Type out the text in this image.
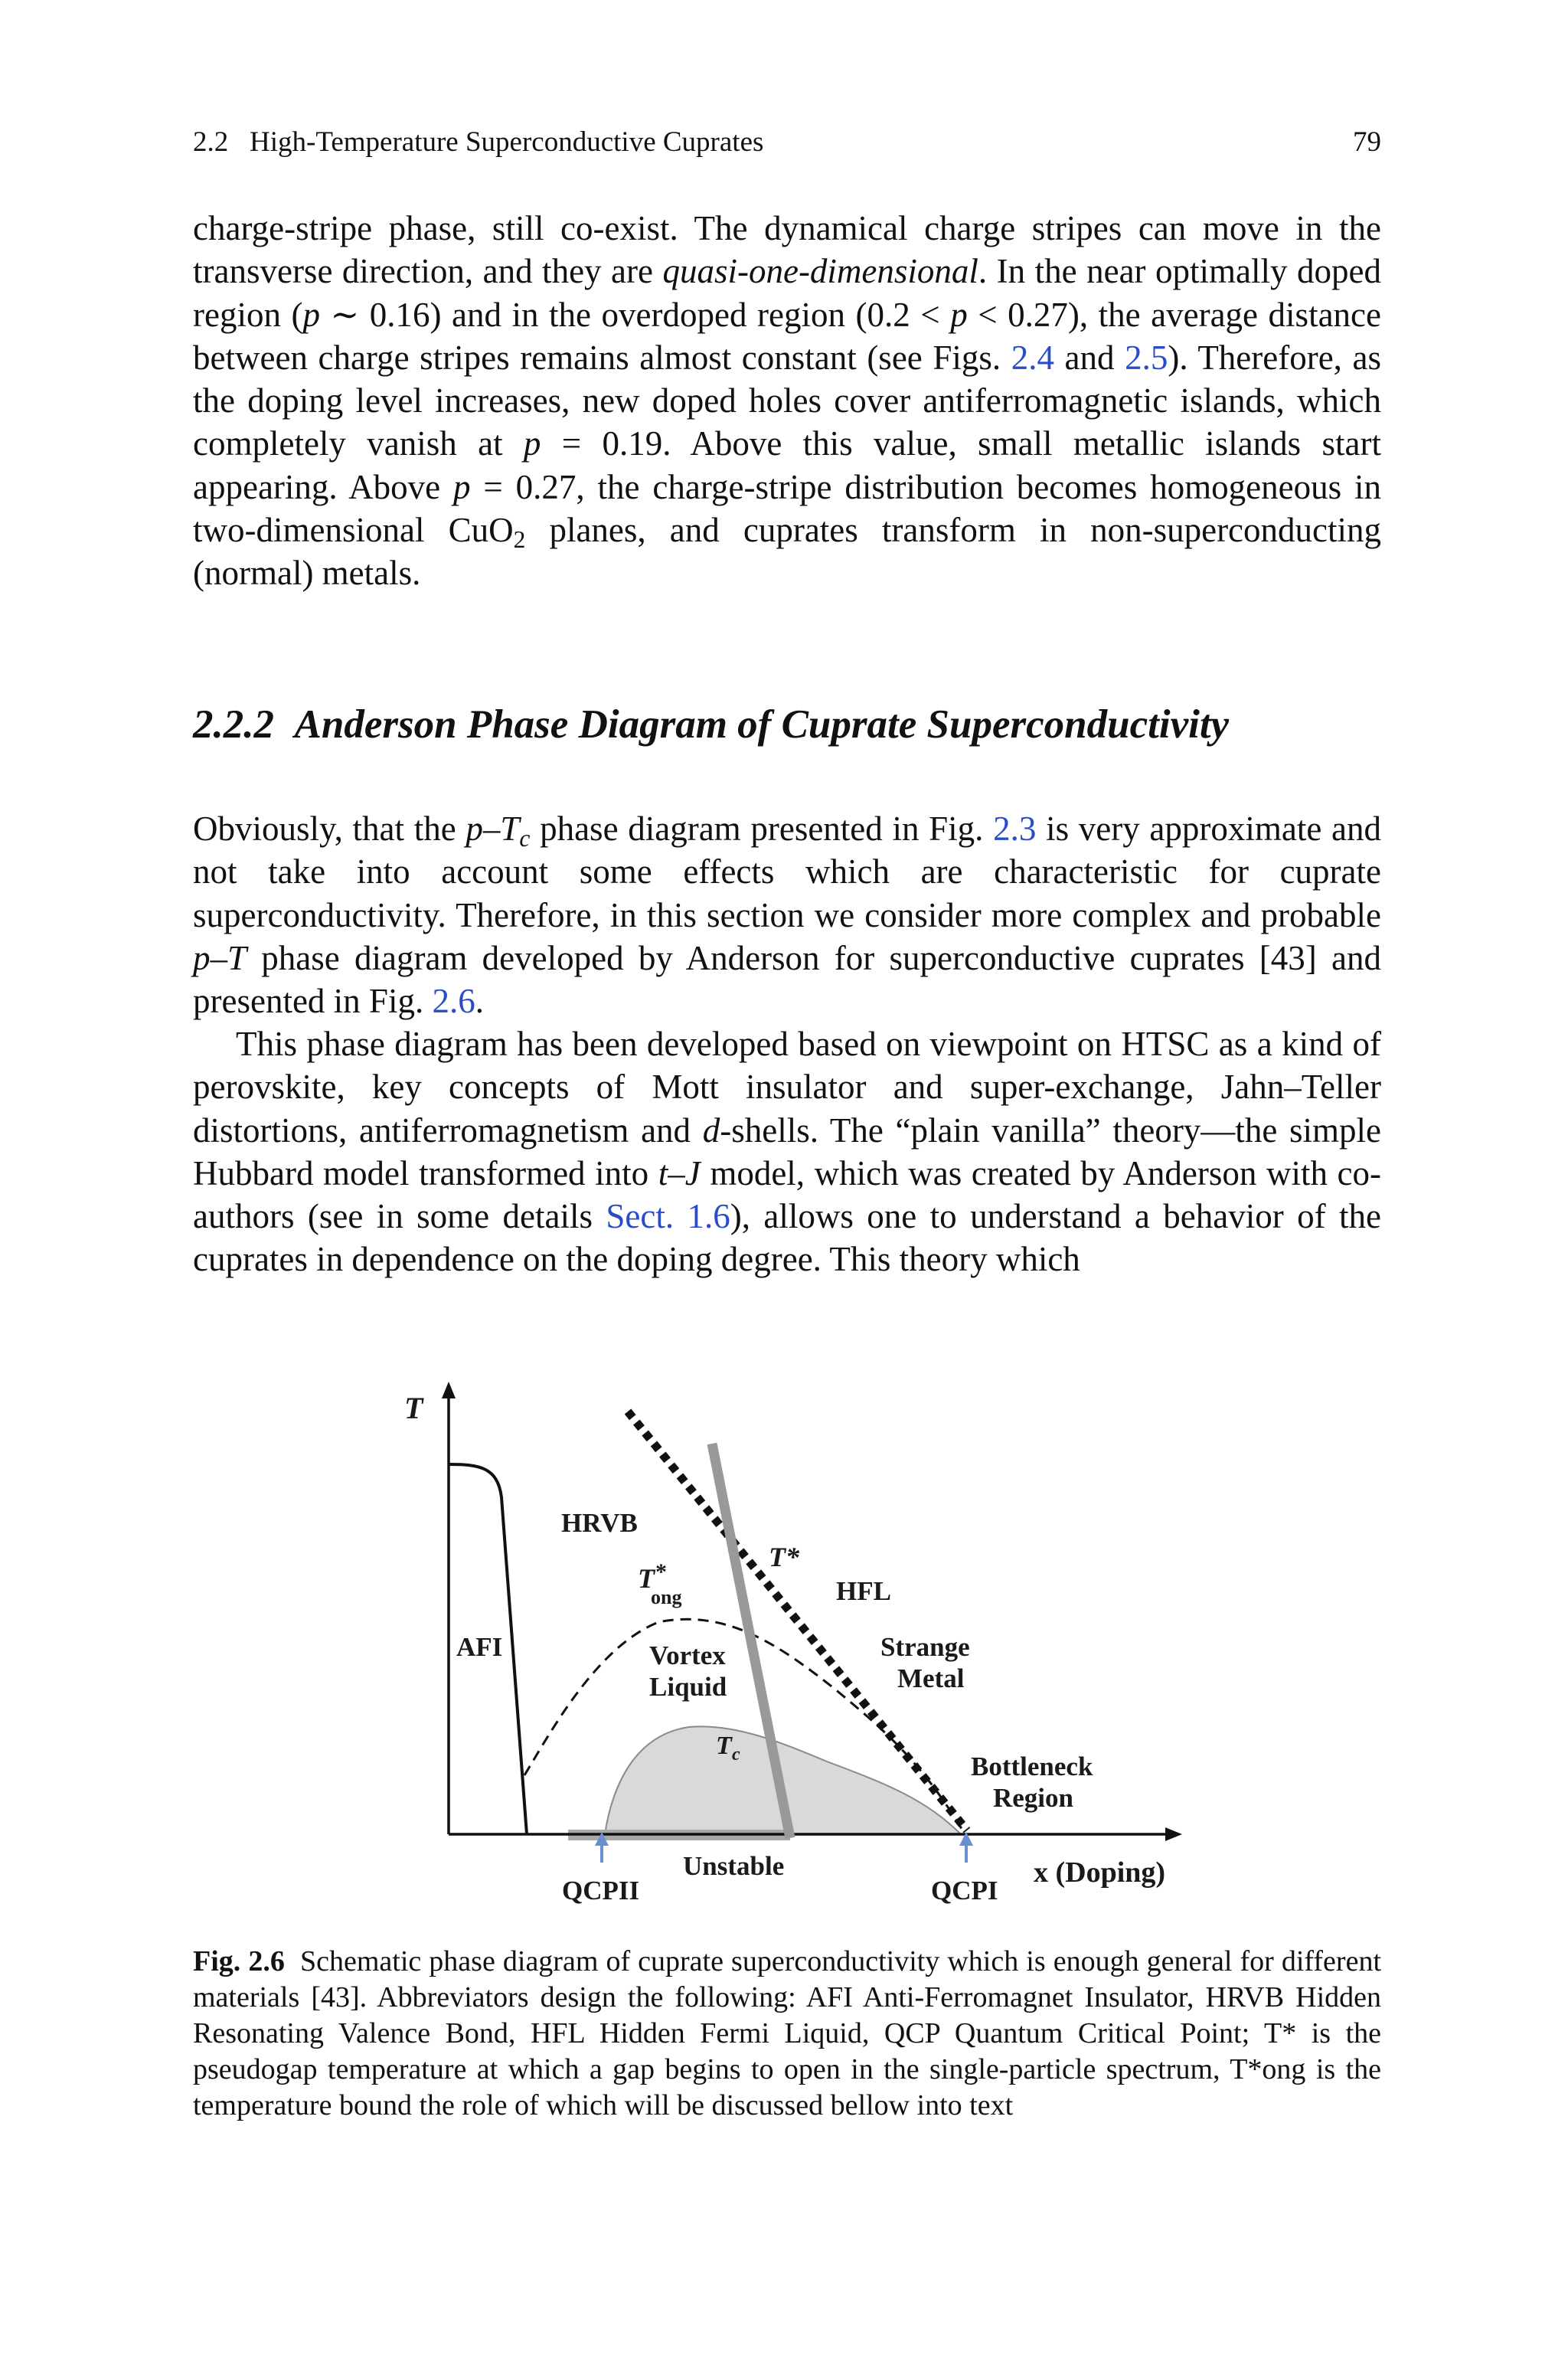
2.2 High-Temperature Superconductive Cuprates	79

charge-stripe phase, still co-exist. The dynamical charge stripes can move in the transverse direction, and they are quasi-one-dimensional. In the near optimally doped region (p ∼ 0.16) and in the overdoped region (0.2 < p < 0.27), the average distance between charge stripes remains almost constant (see Figs. 2.4 and 2.5). Therefore, as the doping level increases, new doped holes cover antiferromagnetic islands, which completely vanish at p = 0.19. Above this value, small metallic islands start appearing. Above p = 0.27, the charge-stripe distribution becomes homogeneous in two-dimensional CuO$_2$ planes, and cuprates transform in non-superconducting (normal) metals.

2.2.2 Anderson Phase Diagram of Cuprate Superconductivity

Obviously, that the $p-T_c$ phase diagram presented in Fig. 2.3 is very approximate and not take into account some effects which are characteristic for cuprate superconductivity. Therefore, in this section we consider more complex and probable p–T phase diagram developed by Anderson for superconductive cuprates [43] and presented in Fig. 2.6.

This phase diagram has been developed based on viewpoint on HTSC as a kind of perovskite, key concepts of Mott insulator and super-exchange, Jahn–Teller distortions, antiferromagnetism and d-shells. The “plain vanilla” theory—the simple Hubbard model transformed into t–J model, which was created by Anderson with co-authors (see in some details Sect. 1.6), allows one to understand a behavior of the cuprates in dependence on the doping degree. This theory which

T
x (Doping)
AFI
HRVB
HFL
Vortex
Liquid
Strange
Metal
Bottleneck
Region
Unstable
QCPII	QCPI
T*
T *
ong
T c

Fig. 2.6 Schematic phase diagram of cuprate superconductivity which is enough general for different materials [43]. Abbreviators design the following: AFI Anti-Ferromagnet Insulator, HRVB Hidden Resonating Valence Bond, HFL Hidden Fermi Liquid, QCP Quantum Critical Point; T* is the pseudogap temperature at which a gap begins to open in the single-particle spectrum, T*ong is the temperature bound the role of which will be discussed bellow into text
